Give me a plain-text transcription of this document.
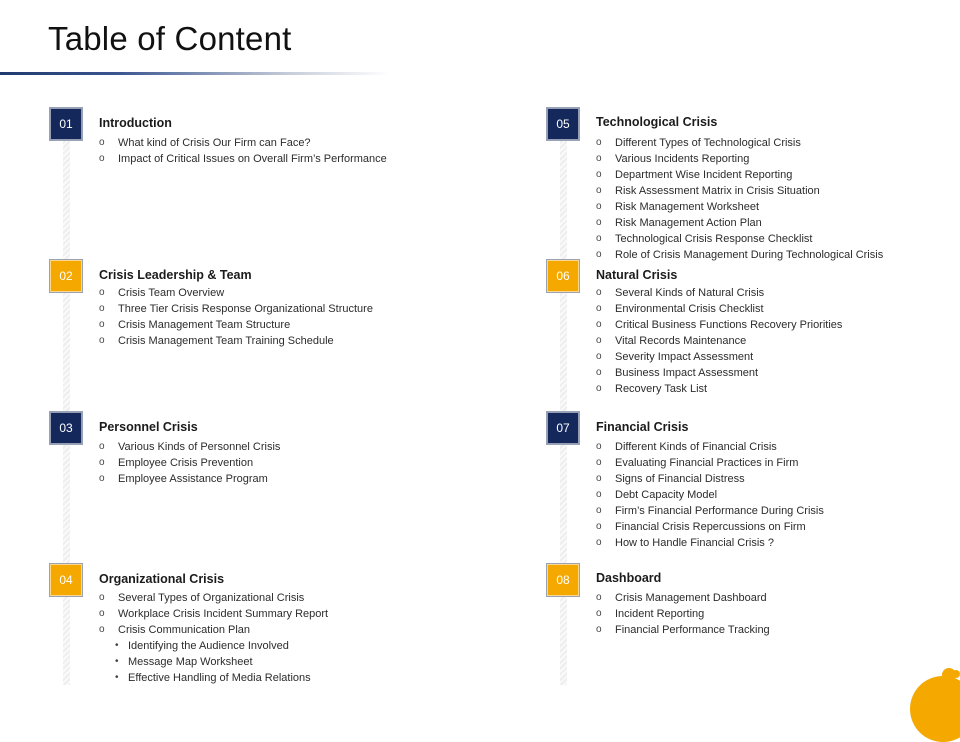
Table of Content
01	Introduction
o What kind of Crisis Our Firm can Face?
o Impact of Critical Issues on Overall Firm’s Performance
02	Crisis Leadership & Team
o Crisis Team Overview
o Three Tier Crisis Response Organizational Structure
o Crisis Management Team Structure
o Crisis Management Team Training Schedule
03	Personnel Crisis
o Various Kinds of Personnel Crisis
o Employee Crisis Prevention
o Employee Assistance Program
04	Organizational Crisis
o Several Types of Organizational Crisis
o Workplace Crisis Incident Summary Report
o Crisis Communication Plan
• Identifying the Audience Involved
• Message Map Worksheet
• Effective Handling of Media Relations
05	Technological Crisis
o Different Types of Technological Crisis
o Various Incidents Reporting
o Department Wise Incident Reporting
o Risk Assessment Matrix in Crisis Situation
o Risk Management Worksheet
o Risk Management Action Plan
o Technological Crisis Response Checklist
o Role of Crisis Management During Technological Crisis
06	Natural Crisis
o Several Kinds of Natural Crisis
o Environmental Crisis Checklist
o Critical Business Functions Recovery Priorities
o Vital Records Maintenance
o Severity Impact Assessment
o Business Impact Assessment
o Recovery Task List
07	Financial Crisis
o Different Kinds of Financial Crisis
o Evaluating Financial Practices in Firm
o Signs of Financial Distress
o Debt Capacity Model
o Firm’s Financial Performance During Crisis
o Financial Crisis Repercussions on Firm
o How to Handle Financial Crisis ?
08	Dashboard
o Crisis Management Dashboard
o Incident Reporting
o Financial Performance Tracking
